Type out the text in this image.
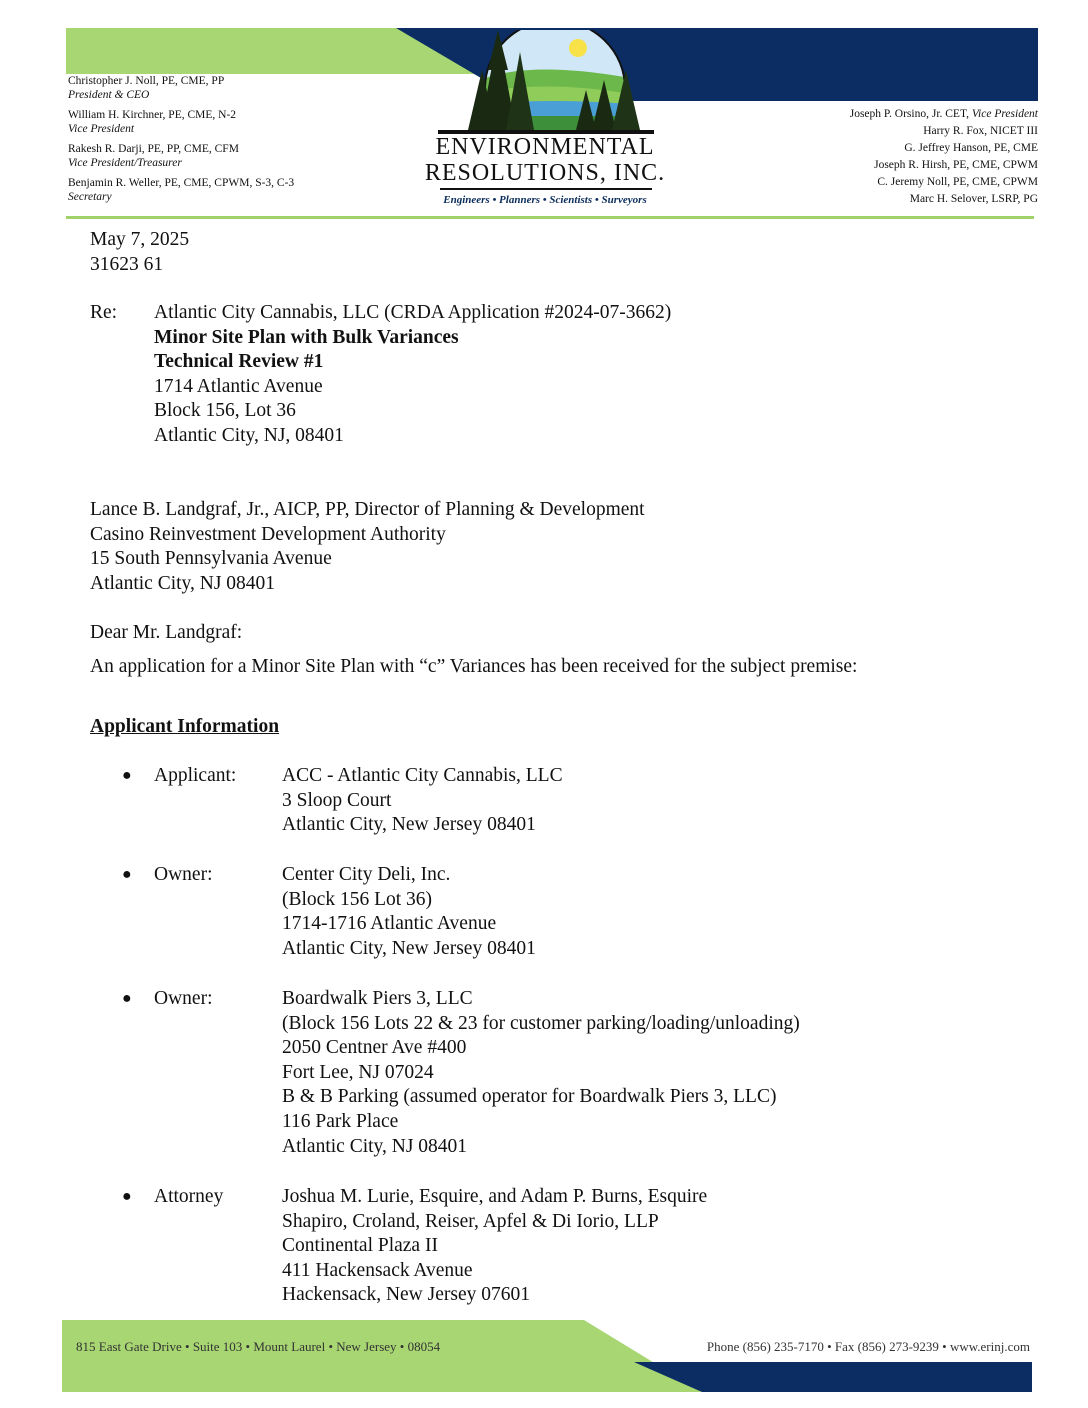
Christopher J. Noll, PE, CME, PP
President & CEO
William H. Kirchner, PE, CME, N-2
Vice President
Rakesh R. Darji, PE, PP, CME, CFM
Vice President/Treasurer
Benjamin R. Weller, PE, CME, CPWM, S-3, C-3
Secretary
Joseph P. Orsino, Jr. CET, Vice President
Harry R. Fox, NICET III
G. Jeffrey Hanson, PE, CME
Joseph R. Hirsh, PE, CME, CPWM
C. Jeremy Noll, PE, CME, CPWM
Marc H. Selover, LSRP, PG
ENVIRONMENTAL
RESOLUTIONS, INC.
Engineers • Planners • Scientists • Surveyors
May 7, 2025
31623 61
Re: Atlantic City Cannabis, LLC (CRDA Application #2024-07-3662)
Minor Site Plan with Bulk Variances
Technical Review #1
1714 Atlantic Avenue
Block 156, Lot 36
Atlantic City, NJ, 08401
Lance B. Landgraf, Jr., AICP, PP, Director of Planning & Development
Casino Reinvestment Development Authority
15 South Pennsylvania Avenue
Atlantic City, NJ 08401
Dear Mr. Landgraf:
An application for a Minor Site Plan with “c” Variances has been received for the subject premise:
Applicant Information
● Applicant: ACC - Atlantic City Cannabis, LLC
3 Sloop Court
Atlantic City, New Jersey 08401
● Owner:	Center City Deli, Inc.
(Block 156 Lot 36)
1714-1716 Atlantic Avenue
Atlantic City, New Jersey 08401
● Owner:	Boardwalk Piers 3, LLC
(Block 156 Lots 22 & 23 for customer parking/loading/unloading)
2050 Centner Ave #400
Fort Lee, NJ 07024
B & B Parking (assumed operator for Boardwalk Piers 3, LLC)
116 Park Place
Atlantic City, NJ 08401
● Attorney	Joshua M. Lurie, Esquire, and Adam P. Burns, Esquire
Shapiro, Croland, Reiser, Apfel & Di Iorio, LLP
Continental Plaza II
411 Hackensack Avenue
Hackensack, New Jersey 07601
815 East Gate Drive • Suite 103 • Mount Laurel • New Jersey • 08054	Phone (856) 235-7170 • Fax (856) 273-9239 • www.erinj.com
